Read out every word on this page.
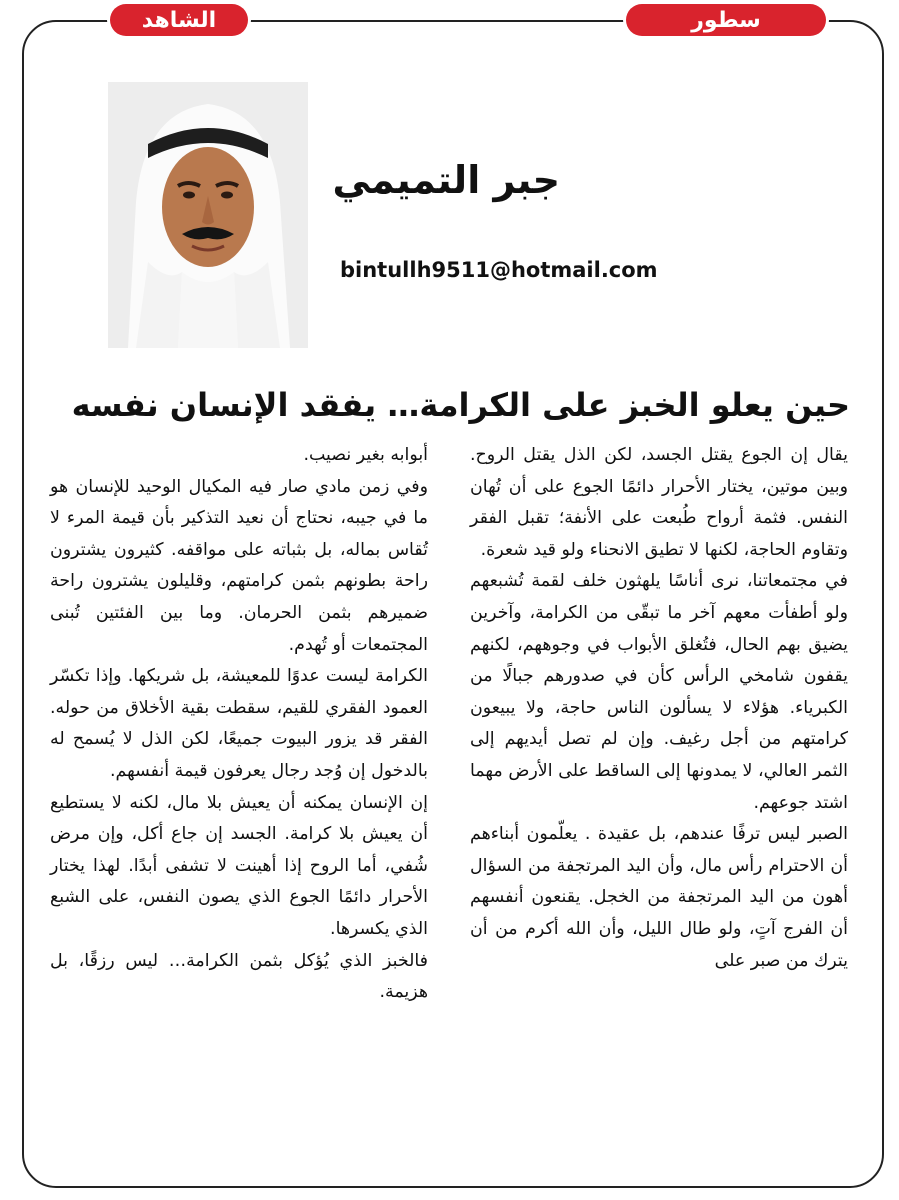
الشاهد	سطور
جبر التميمي
bintullh9511@hotmail.com
حين يعلو الخبز على الكرامة… يفقد الإنسان نفسه

يقال إن الجوع يقتل الجسد، لكن الذل يقتل الروح. وبين موتين، يختار الأحرار دائمًا الجوع على أن تُهان النفس. فثمة أرواح طُبعت على الأنفة؛ تقبل الفقر وتقاوم الحاجة، لكنها لا تطيق الانحناء ولو قيد شعرة.

في مجتمعاتنا، نرى أناسًا يلهثون خلف لقمة تُشبعهم ولو أطفأت معهم آخر ما تبقّى من الكرامة، وآخرين يضيق بهم الحال، فتُغلق الأبواب في وجوههم، لكنهم يقفون شامخي الرأس كأن في صدورهم جبالًا من الكبرياء. هؤلاء لا يسألون الناس حاجة، ولا يبيعون كرامتهم من أجل رغيف. وإن لم تصل أيديهم إلى الثمر العالي، لا يمدونها إلى الساقط على الأرض مهما اشتد جوعهم.

الصبر ليس ترفًا عندهم، بل عقيدة . يعلّمون أبناءهم أن الاحترام رأس مال، وأن اليد المرتجفة من السؤال أهون من اليد المرتجفة من الخجل. يقنعون أنفسهم أن الفرج آتٍ، ولو طال الليل، وأن الله أكرم من أن يترك من صبر على

أبوابه بغير نصيب.

وفي زمن مادي صار فيه المكيال الوحيد للإنسان هو ما في جيبه، نحتاج أن نعيد التذكير بأن قيمة المرء لا تُقاس بماله، بل بثباته على مواقفه. كثيرون يشترون راحة بطونهم بثمن كرامتهم، وقليلون يشترون راحة ضميرهم بثمن الحرمان. وما بين الفئتين تُبنى المجتمعات أو تُهدم.

الكرامة ليست عدوًا للمعيشة، بل شريكها. وإذا تكسّر العمود الفقري للقيم، سقطت بقية الأخلاق من حوله. الفقر قد يزور البيوت جميعًا، لكن الذل لا يُسمح له بالدخول إن وُجد رجال يعرفون قيمة أنفسهم.

إن الإنسان يمكنه أن يعيش بلا مال، لكنه لا يستطيع أن يعيش بلا كرامة. الجسد إن جاع أكل، وإن مرض شُفي، أما الروح إذا أهينت لا تشفى أبدًا. لهذا يختار الأحرار دائمًا الجوع الذي يصون النفس، على الشبع الذي يكسرها.

فالخبز الذي يُؤكل بثمن الكرامة… ليس رزقًا، بل هزيمة.
